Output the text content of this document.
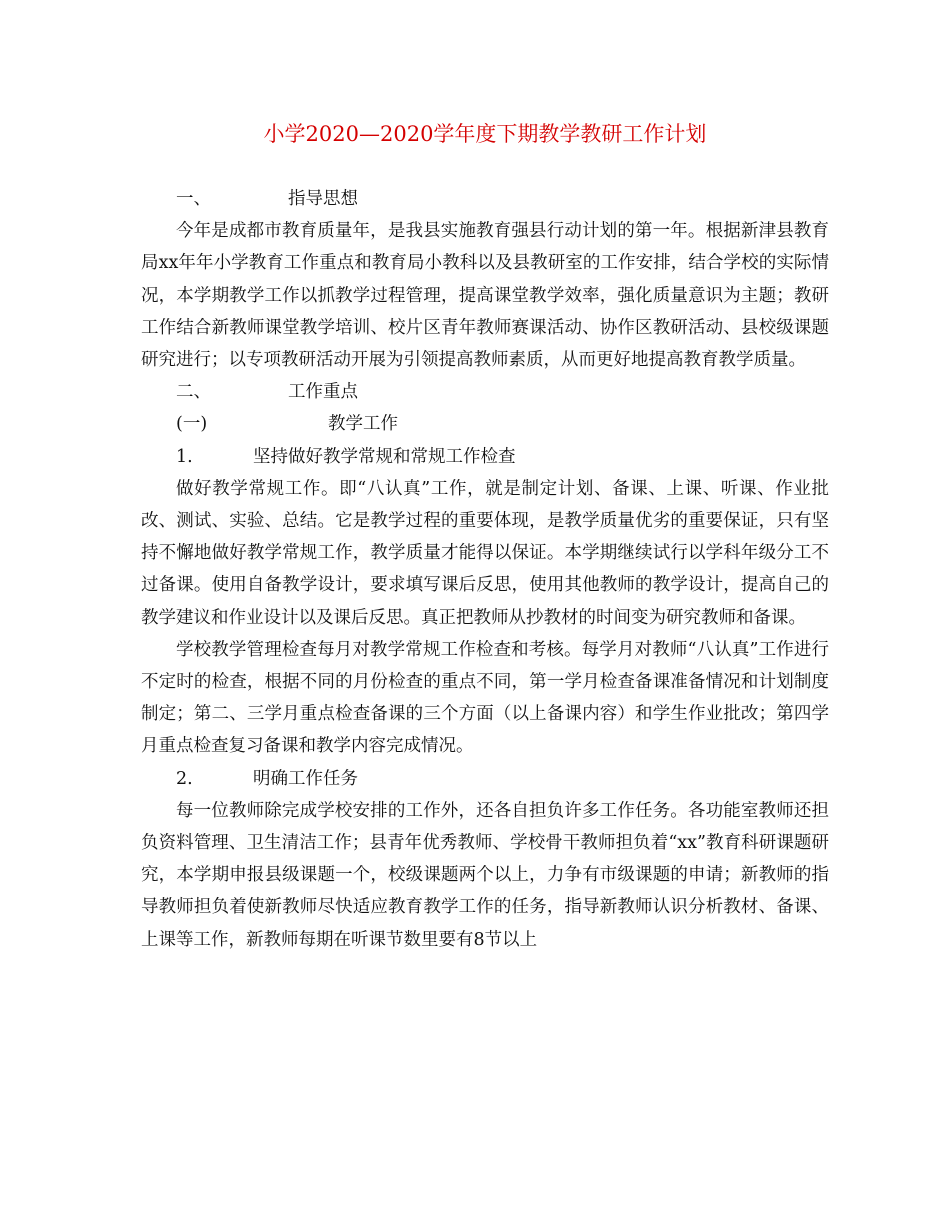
小学2020—2020学年度下期教学教研工作计划
一、	指导思想

今年是成都市教育质量年，是我县实施教育强县行动计划的第一年。根据新津县教育局xx年年小学教育工作重点和教育局小教科以及县教研室的工作安排，结合学校的实际情况，本学期教学工作以抓教学过程管理，提高课堂教学效率，强化质量意识为主题；教研工作结合新教师课堂教学培训、校片区青年教师赛课活动、协作区教研活动、县校级课题研究进行；以专项教研活动开展为引领提高教师素质，从而更好地提高教育教学质量。

二、	工作重点
(一)	教学工作
1.	坚持做好教学常规和常规工作检查

做好教学常规工作。即“八认真”工作，就是制定计划、备课、上课、听课、作业批改、测试、实验、总结。它是教学过程的重要体现，是教学质量优劣的重要保证，只有坚持不懈地做好教学常规工作，教学质量才能得以保证。本学期继续试行以学科年级分工不过备课。使用自备教学设计，要求填写课后反思，使用其他教师的教学设计，提高自己的教学建议和作业设计以及课后反思。真正把教师从抄教材的时间变为研究教师和备课。

学校教学管理检查每月对教学常规工作检查和考核。每学月对教师“八认真”工作进行不定时的检查，根据不同的月份检查的重点不同，第一学月检查备课准备情况和计划制度制定；第二、三学月重点检查备课的三个方面（以上备课内容）和学生作业批改；第四学月重点检查复习备课和教学内容完成情况。

2.	明确工作任务

每一位教师除完成学校安排的工作外，还各自担负许多工作任务。各功能室教师还担负资料管理、卫生清洁工作；县青年优秀教师、学校骨干教师担负着“xx”教育科研课题研究，本学期申报县级课题一个，校级课题两个以上，力争有市级课题的申请；新教师的指导教师担负着使新教师尽快适应教育教学工作的任务，指导新教师认识分析教材、备课、上课等工作，新教师每期在听课节数里要有8节以上
